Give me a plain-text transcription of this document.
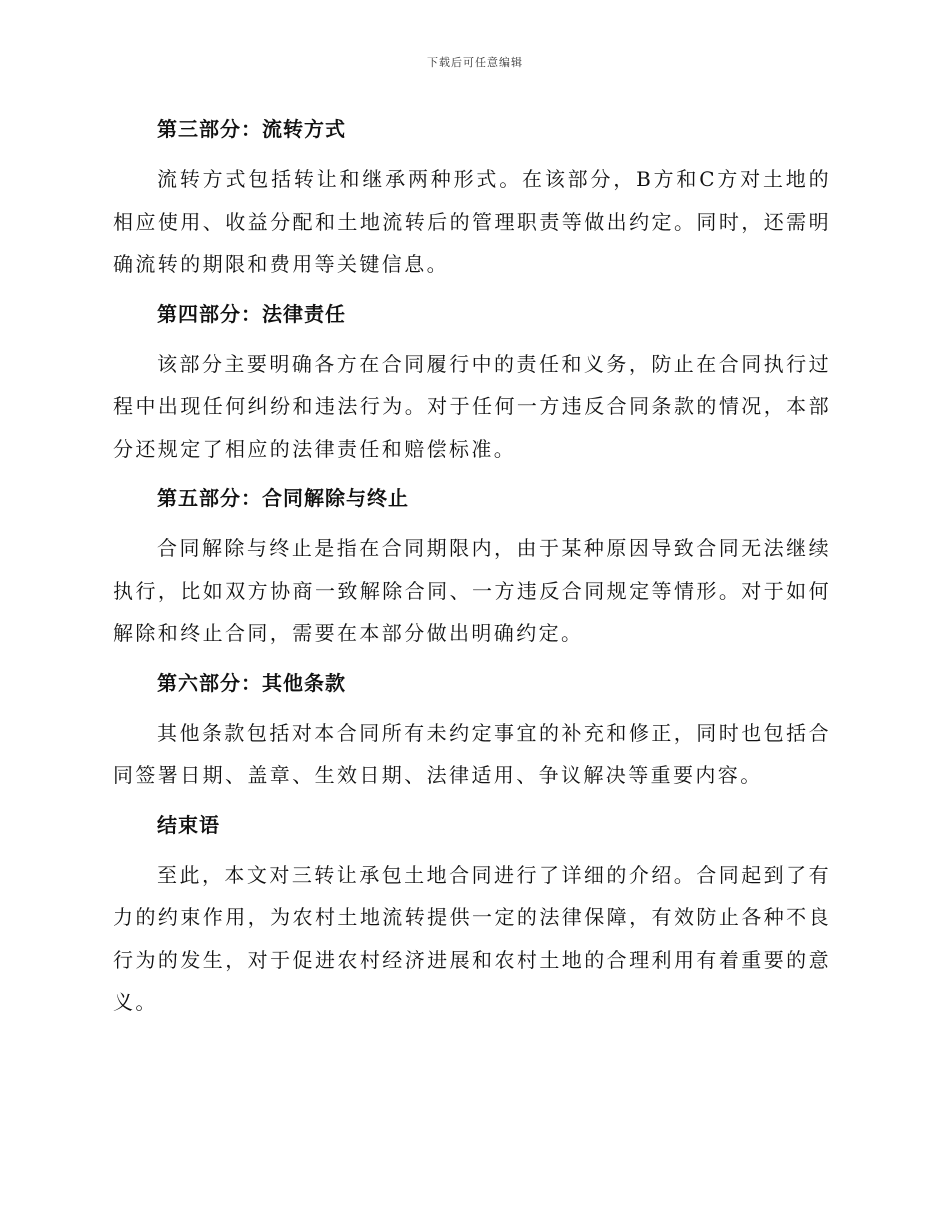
下载后可任意编辑
第三部分：流转方式

流转方式包括转让和继承两种形式。在该部分，B方和C方对土地的相应使用、收益分配和土地流转后的管理职责等做出约定。同时，还需明确流转的期限和费用等关键信息。

第四部分：法律责任

该部分主要明确各方在合同履行中的责任和义务，防止在合同执行过程中出现任何纠纷和违法行为。对于任何一方违反合同条款的情况，本部分还规定了相应的法律责任和赔偿标准。

第五部分：合同解除与终止

合同解除与终止是指在合同期限内，由于某种原因导致合同无法继续执行，比如双方协商一致解除合同、一方违反合同规定等情形。对于如何解除和终止合同，需要在本部分做出明确约定。

第六部分：其他条款

其他条款包括对本合同所有未约定事宜的补充和修正，同时也包括合同签署日期、盖章、生效日期、法律适用、争议解决等重要内容。

结束语

至此，本文对三转让承包土地合同进行了详细的介绍。合同起到了有力的约束作用，为农村土地流转提供一定的法律保障，有效防止各种不良行为的发生，对于促进农村经济进展和农村土地的合理利用有着重要的意义。
